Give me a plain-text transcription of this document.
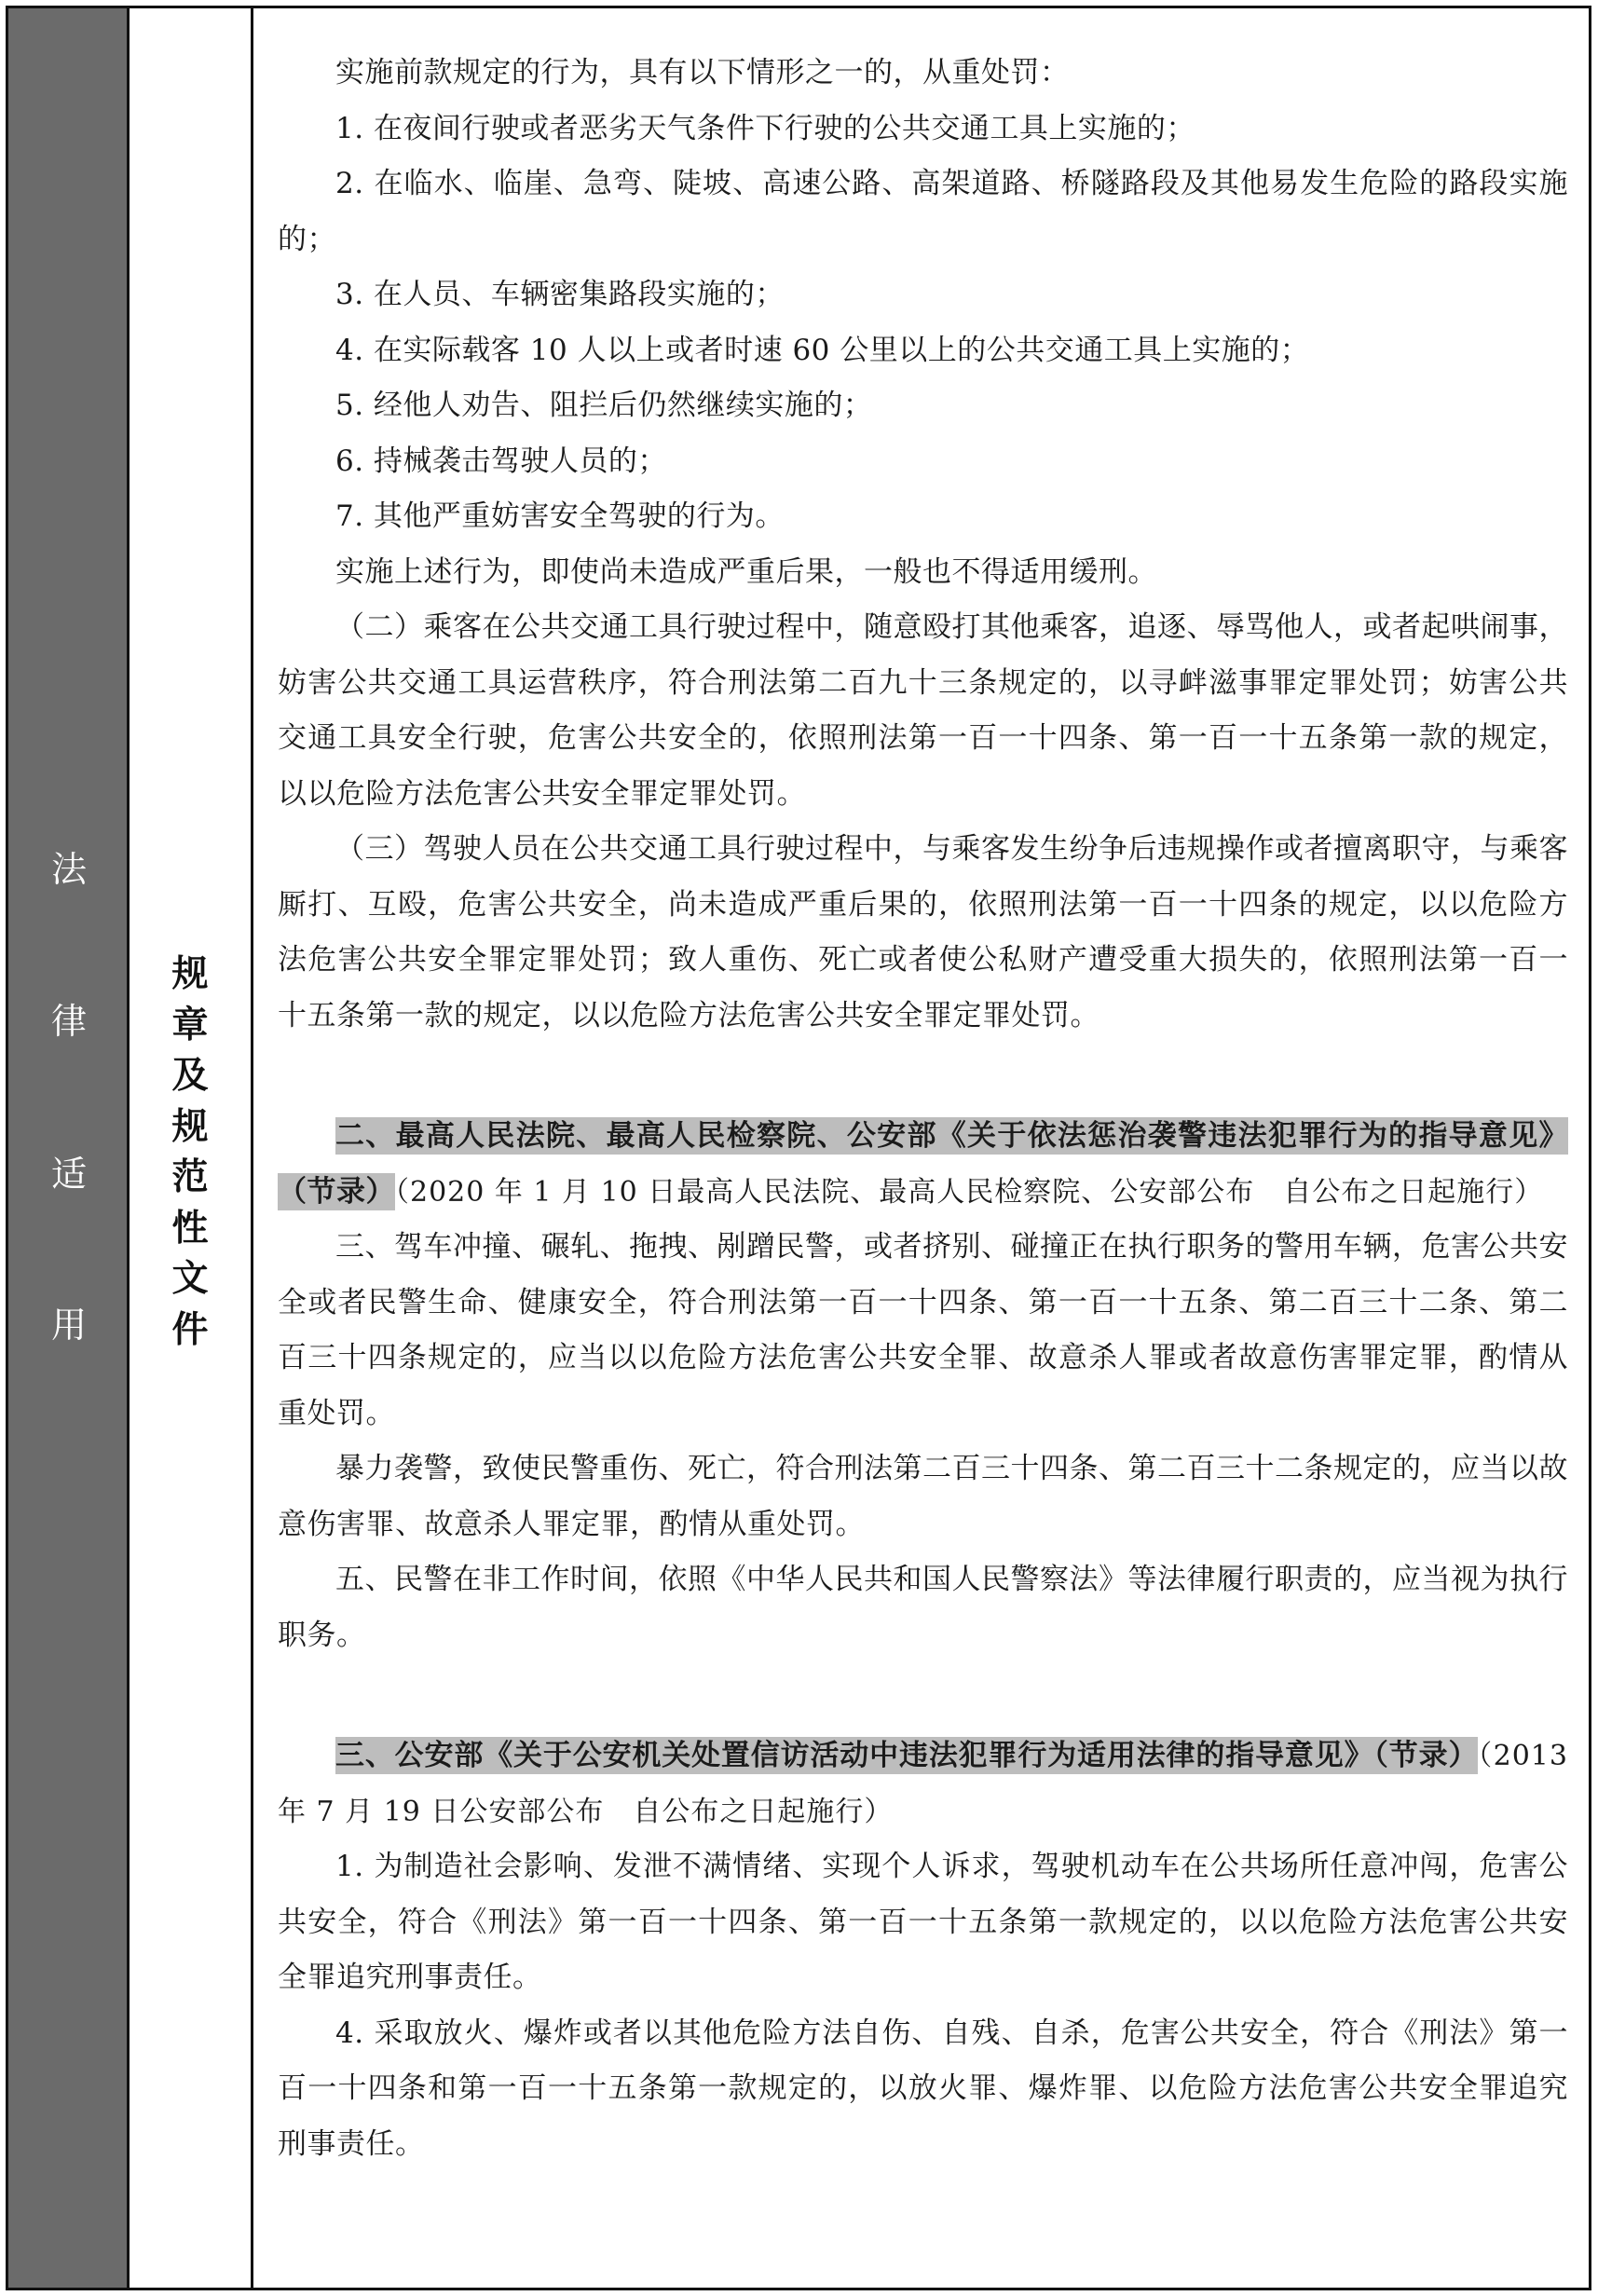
法
律
适
用
规
章
及
规
范
性
文
件

实施前款规定的行为，具有以下情形之一的，从重处罚：

1. 在夜间行驶或者恶劣天气条件下行驶的公共交通工具上实施的；

2. 在临水、临崖、急弯、陡坡、高速公路、高架道路、桥隧路段及其他易发生危险的路段实施的；

3. 在人员、车辆密集路段实施的；

4. 在实际载客 10 人以上或者时速 60 公里以上的公共交通工具上实施的；

5. 经他人劝告、阻拦后仍然继续实施的；

6. 持械袭击驾驶人员的；

7. 其他严重妨害安全驾驶的行为。

实施上述行为，即使尚未造成严重后果，一般也不得适用缓刑。

（二）乘客在公共交通工具行驶过程中，随意殴打其他乘客，追逐、辱骂他人，或者起哄闹事，妨害公共交通工具运营秩序，符合刑法第二百九十三条规定的，以寻衅滋事罪定罪处罚；妨害公共交通工具安全行驶，危害公共安全的，依照刑法第一百一十四条、第一百一十五条第一款的规定，以以危险方法危害公共安全罪定罪处罚。

（三）驾驶人员在公共交通工具行驶过程中，与乘客发生纷争后违规操作或者擅离职守，与乘客厮打、互殴，危害公共安全，尚未造成严重后果的，依照刑法第一百一十四条的规定，以以危险方法危害公共安全罪定罪处罚；致人重伤、死亡或者使公私财产遭受重大损失的，依照刑法第一百一十五条第一款的规定，以以危险方法危害公共安全罪定罪处罚。

二、最高人民法院、最高人民检察院、公安部《关于依法惩治袭警违法犯罪行为的指导意见》（节录）（2020 年 1 月 10 日最高人民法院、最高人民检察院、公安部公布　自公布之日起施行）

三、驾车冲撞、碾轧、拖拽、剐蹭民警，或者挤别、碰撞正在执行职务的警用车辆，危害公共安全或者民警生命、健康安全，符合刑法第一百一十四条、第一百一十五条、第二百三十二条、第二百三十四条规定的，应当以以危险方法危害公共安全罪、故意杀人罪或者故意伤害罪定罪，酌情从重处罚。

暴力袭警，致使民警重伤、死亡，符合刑法第二百三十四条、第二百三十二条规定的，应当以故意伤害罪、故意杀人罪定罪，酌情从重处罚。

五、民警在非工作时间，依照《中华人民共和国人民警察法》等法律履行职责的，应当视为执行职务。

三、公安部《关于公安机关处置信访活动中违法犯罪行为适用法律的指导意见》（节录）（2013 年 7 月 19 日公安部公布　自公布之日起施行）

1. 为制造社会影响、发泄不满情绪、实现个人诉求，驾驶机动车在公共场所任意冲闯，危害公共安全，符合《刑法》第一百一十四条、第一百一十五条第一款规定的，以以危险方法危害公共安全罪追究刑事责任。

4. 采取放火、爆炸或者以其他危险方法自伤、自残、自杀，危害公共安全，符合《刑法》第一百一十四条和第一百一十五条第一款规定的，以放火罪、爆炸罪、以危险方法危害公共安全罪追究刑事责任。
